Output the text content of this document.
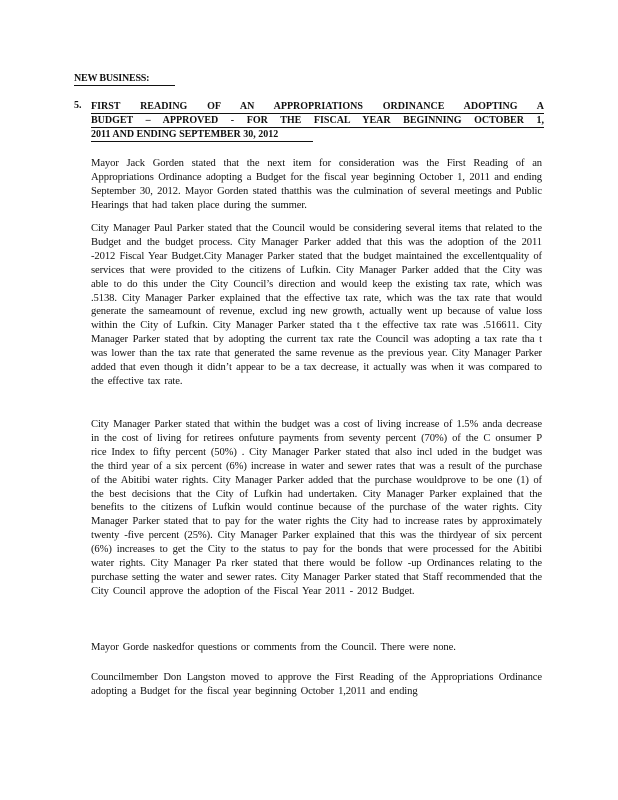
NEW BUSINESS:
5. FIRST READING OF AN APPROPRIATIONS ORDINANCE ADOPTING A
BUDGET – APPROVED - FOR THE FISCAL YEAR BEGINNING OCTOBER 1,
2011 AND ENDING SEPTEMBER 30, 2012

Mayor Jack Gorden stated that the next item for consideration was the First Reading of an Appropriations Ordinance adopting a Budget for the fiscal year beginning October 1, 2011 and ending September 30, 2012. Mayor Gorden stated thatthis was the culmination of several meetings and Public Hearings that had taken place during the summer.

City Manager Paul Parker stated that the Council would be considering several items that related to the Budget and the budget process. City Manager Parker added that this was the adoption of the 2011 -2012 Fiscal Year Budget.City Manager Parker stated that the budget maintained the excellentquality of services that were provided to the citizens of Lufkin. City Manager Parker added that the City was able to do this under the City Council’s direction and would keep the existing tax rate, which was .5138. City Manager Parker explained that the effective tax rate, which was the tax rate that would generate the sameamount of revenue, exclud ing new growth, actually went up because of value loss within the City of Lufkin. City Manager Parker stated tha t the effective tax rate was .516611. City Manager Parker stated that by adopting the current tax rate the Council was adopting a tax rate tha t was lower than the tax rate that generated the same revenue as the previous year. City Manager Parker added that even though it didn’t appear to be a tax decrease, it actually was when it was compared to the effective tax rate.

City Manager Parker stated that within the budget was a cost of living increase of 1.5% anda decrease in the cost of living for retirees onfuture payments from seventy percent (70%) of the C onsumer P rice Index to fifty percent (50%) . City Manager Parker stated that also incl uded in the budget was the third year of a six percent (6%) increase in water and sewer rates that was a result of the purchase of the Abitibi water rights. City Manager Parker added that the purchase wouldprove to be one (1) of the best decisions that the City of Lufkin had undertaken. City Manager Parker explained that the benefits to the citizens of Lufkin would continue because of the purchase of the water rights. City Manager Parker stated that to pay for the water rights the City had to increase rates by approximately twenty -five percent (25%). City Manager Parker explained that this was the thirdyear of six percent (6%) increases to get the City to the status to pay for the bonds that were processed for the Abitibi water rights. City Manager Pa rker stated that there would be follow -up Ordinances relating to the purchase setting the water and sewer rates. City Manager Parker stated that Staff recommended that the City Council approve the adoption of the Fiscal Year 2011 - 2012 Budget.

Mayor Gorde naskedfor questions or comments from the Council. There were none.

Councilmember Don Langston moved to approve the First Reading of the Appropriations Ordinance adopting a Budget for the fiscal year beginning October 1,2011 and ending
